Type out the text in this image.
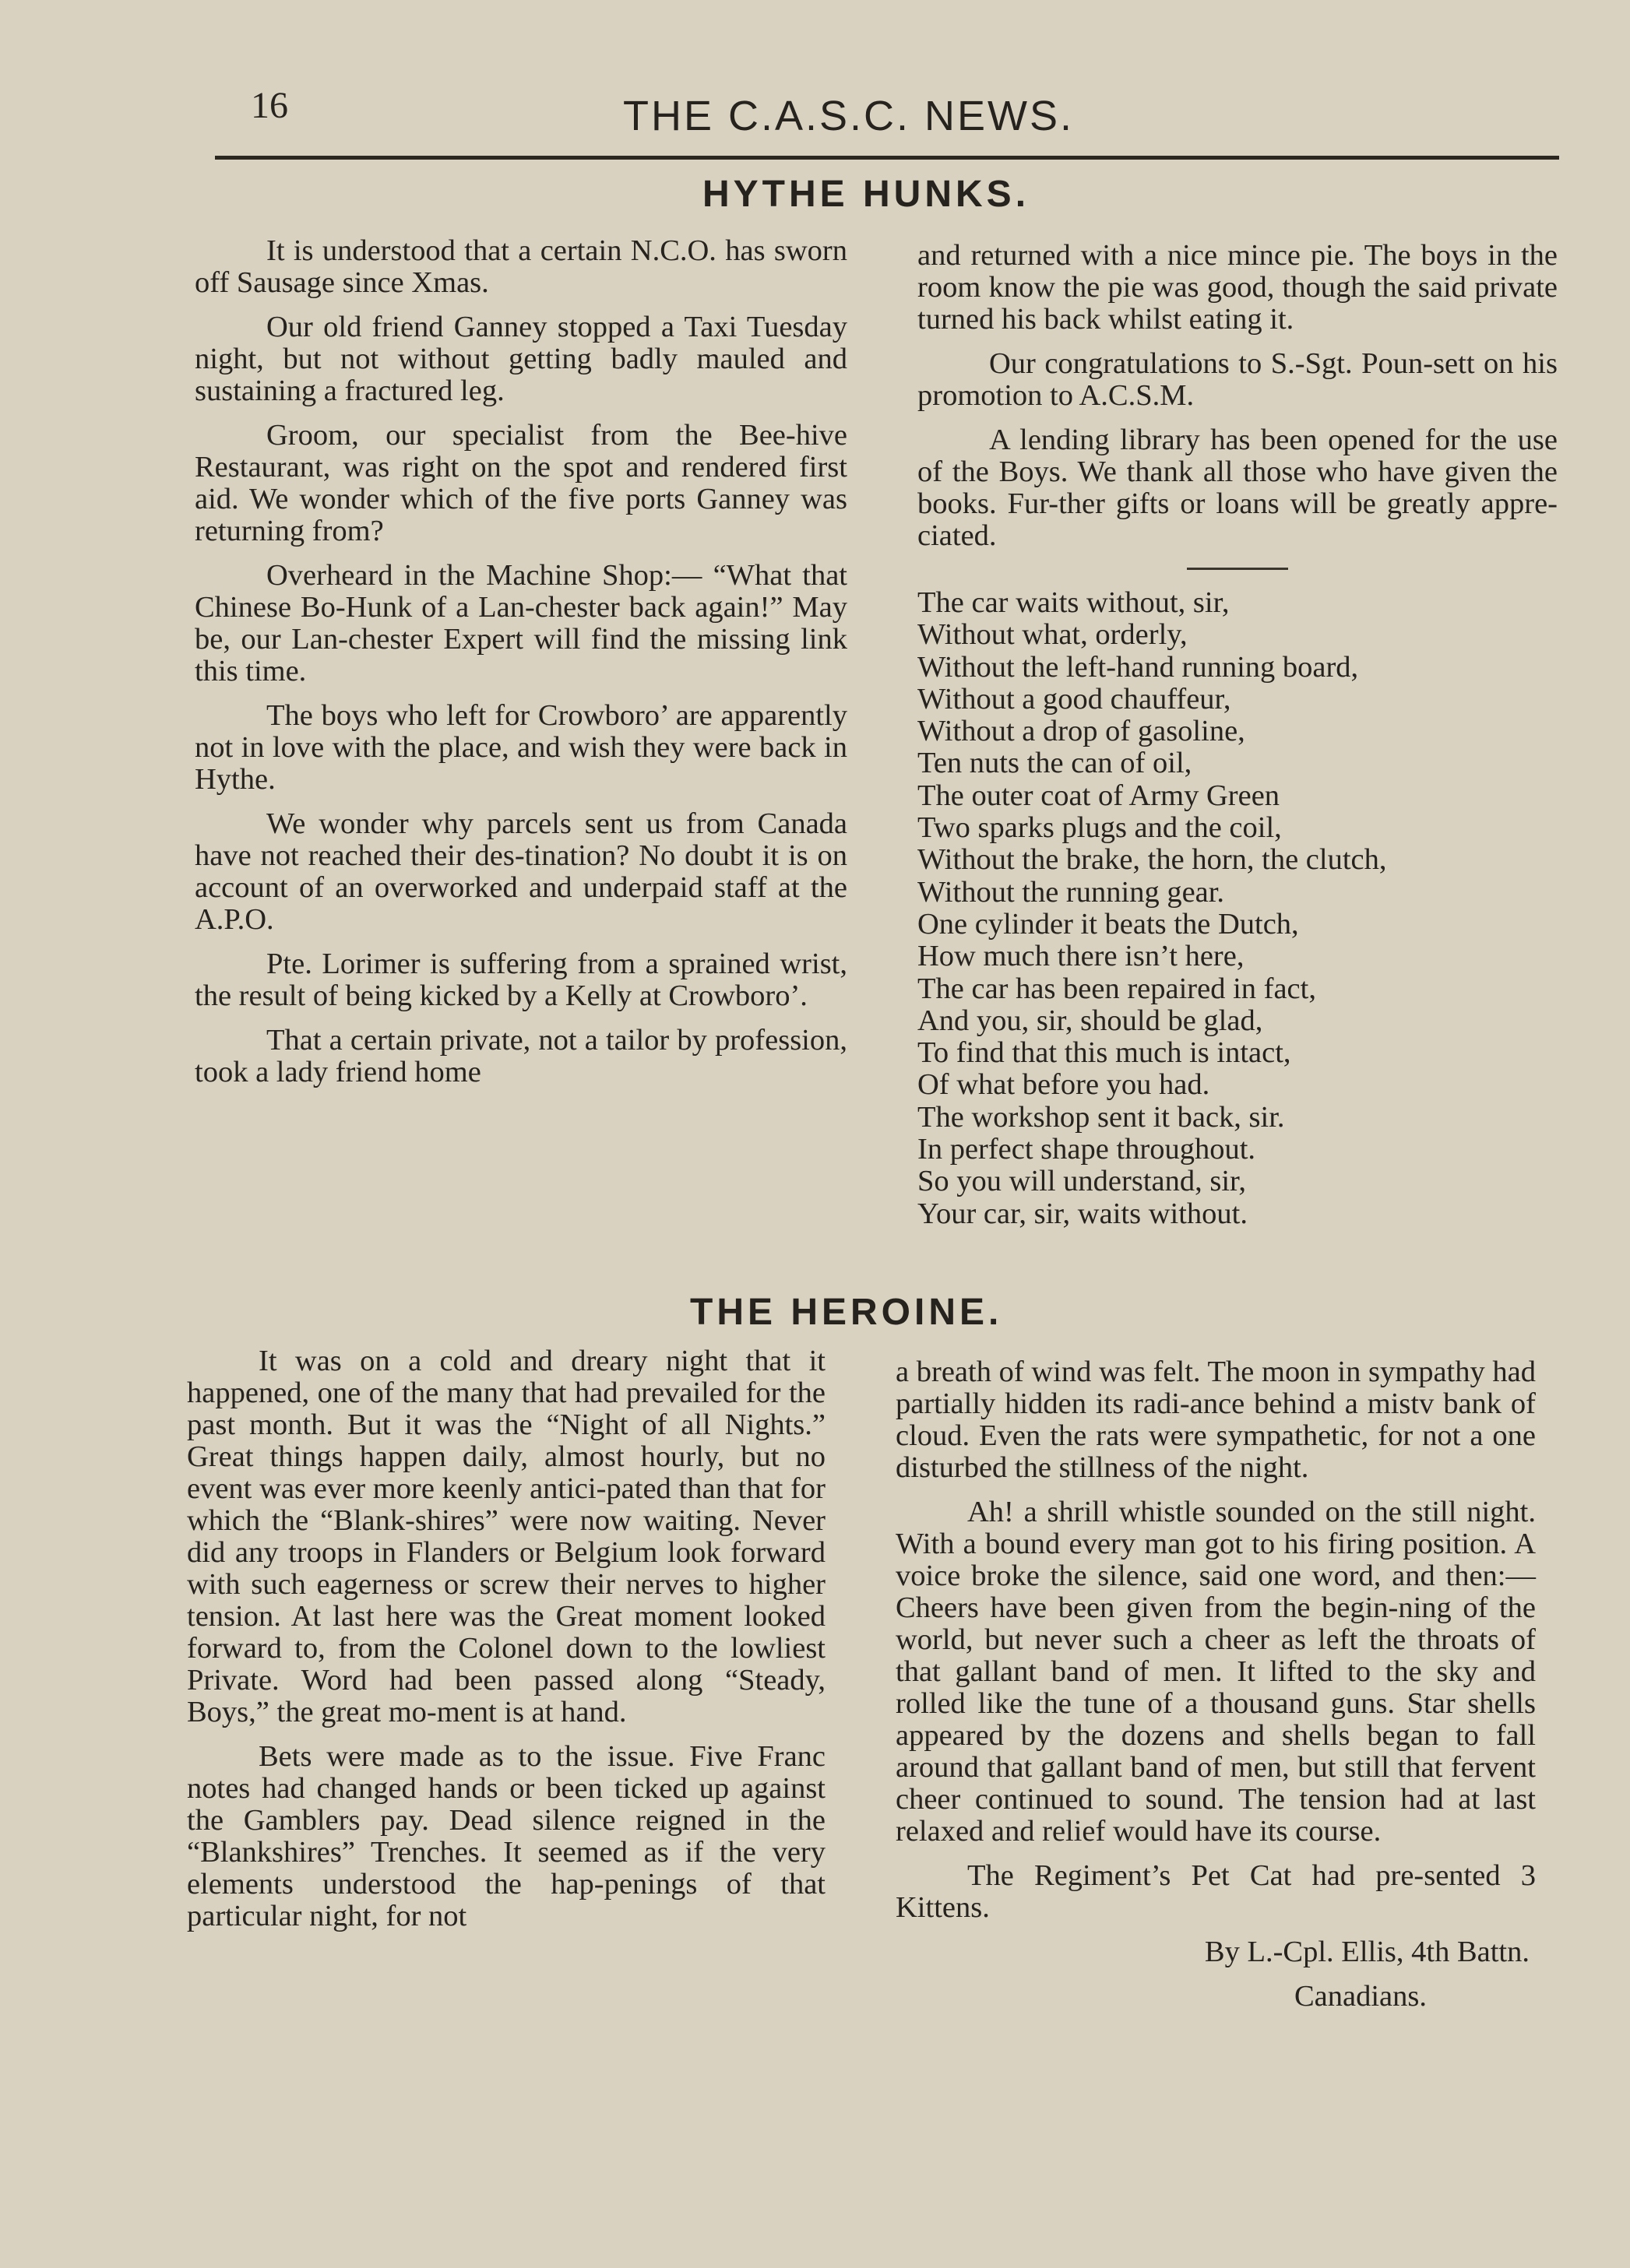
16	THE C.A.S.C. NEWS.
HYTHE HUNKS.

It is understood that a certain N.C.O. has sworn off Sausage since Xmas.

Our old friend Ganney stopped a Taxi Tuesday night, but not without getting badly mauled and sustaining a fractured leg.

Groom, our specialist from the Bee-hive Restaurant, was right on the spot and rendered first aid. We wonder which of the five ports Ganney was returning from?

Overheard in the Machine Shop:— “What that Chinese Bo-Hunk of a Lan-chester back again!” May be, our Lan-chester Expert will find the missing link this time.

The boys who left for Crowboro’ are apparently not in love with the place, and wish they were back in Hythe.

We wonder why parcels sent us from Canada have not reached their des-tination? No doubt it is on account of an overworked and underpaid staff at the A.P.O.

Pte. Lorimer is suffering from a sprained wrist, the result of being kicked by a Kelly at Crowboro’.

That a certain private, not a tailor by profession, took a lady friend home

and returned with a nice mince pie. The boys in the room know the pie was good, though the said private turned his back whilst eating it.

Our congratulations to S.-Sgt. Poun-sett on his promotion to A.C.S.M.

A lending library has been opened for the use of the Boys. We thank all those who have given the books. Fur-ther gifts or loans will be greatly appre-ciated.

The car waits without, sir,
Without what, orderly,
Without the left-hand running board,
Without a good chauffeur,
Without a drop of gasoline,
Ten nuts the can of oil,
The outer coat of Army Green
Two sparks plugs and the coil,
Without the brake, the horn, the clutch,
Without the running gear.
One cylinder it beats the Dutch,
How much there isn’t here,
The car has been repaired in fact,
And you, sir, should be glad,
To find that this much is intact,
Of what before you had.
The workshop sent it back, sir.
In perfect shape throughout.
So you will understand, sir,
Your car, sir, waits without.
THE HEROINE.

It was on a cold and dreary night that it happened, one of the many that had prevailed for the past month. But it was the “Night of all Nights.” Great things happen daily, almost hourly, but no event was ever more keenly antici-pated than that for which the “Blank-shires” were now waiting. Never did any troops in Flanders or Belgium look forward with such eagerness or screw their nerves to higher tension. At last here was the Great moment looked forward to, from the Colonel down to the lowliest Private. Word had been passed along “Steady, Boys,” the great mo-ment is at hand.

Bets were made as to the issue. Five Franc notes had changed hands or been ticked up against the Gamblers pay. Dead silence reigned in the “Blankshires” Trenches. It seemed as if the very elements understood the hap-penings of that particular night, for not

a breath of wind was felt. The moon in sympathy had partially hidden its radi-ance behind a mistv bank of cloud. Even the rats were sympathetic, for not a one disturbed the stillness of the night.

Ah! a shrill whistle sounded on the still night. With a bound every man got to his firing position. A voice broke the silence, said one word, and then:— Cheers have been given from the begin-ning of the world, but never such a cheer as left the throats of that gallant band of men. It lifted to the sky and rolled like the tune of a thousand guns. Star shells appeared by the dozens and shells began to fall around that gallant band of men, but still that fervent cheer continued to sound. The tension had at last relaxed and relief would have its course.

The Regiment’s Pet Cat had pre-sented 3 Kittens.

By L.-Cpl. Ellis, 4th Battn.

Canadians.
